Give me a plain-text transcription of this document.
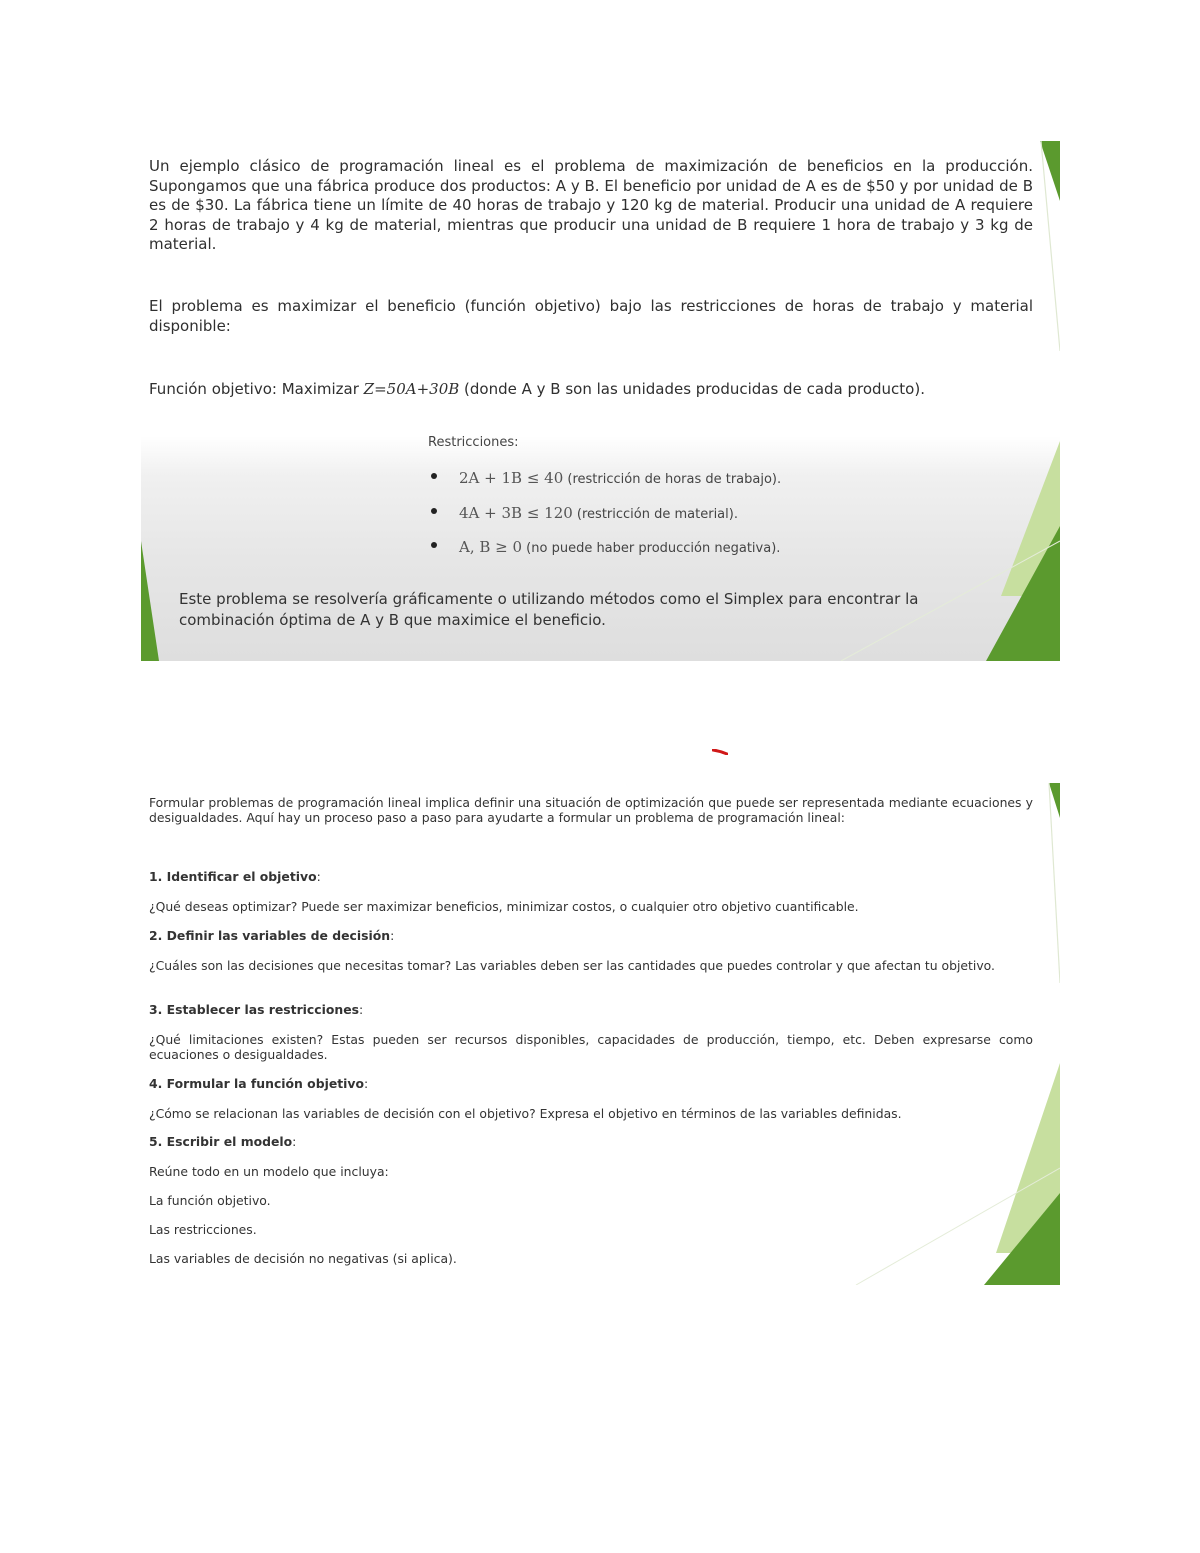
Un ejemplo clásico de programación lineal es el problema de maximización de beneficios en la producción. Supongamos que una fábrica produce dos productos: A y B. El beneficio por unidad de A es de $50 y por unidad de B es de $30. La fábrica tiene un límite de 40 horas de trabajo y 120 kg de material. Producir una unidad de A requiere 2 horas de trabajo y 4 kg de material, mientras que producir una unidad de B requiere 1 hora de trabajo y 3 kg de material.

El problema es maximizar el beneficio (función objetivo) bajo las restricciones de horas de trabajo y material disponible:

Función objetivo: Maximizar Z=50A+30B (donde A y B son las unidades producidas de cada producto).

Restricciones:
2A + 1B ≤ 40 (restricción de horas de trabajo).
4A + 3B ≤ 120 (restricción de material).
A, B ≥ 0 (no puede haber producción negativa).

Este problema se resolvería gráficamente o utilizando métodos como el Simplex para encontrar la combinación óptima de A y B que maximice el beneficio.

Formular problemas de programación lineal implica definir una situación de optimización que puede ser representada mediante ecuaciones y desigualdades. Aquí hay un proceso paso a paso para ayudarte a formular un problema de programación lineal:

1. Identificar el objetivo:

¿Qué deseas optimizar? Puede ser maximizar beneficios, minimizar costos, o cualquier otro objetivo cuantificable.

2. Definir las variables de decisión:

¿Cuáles son las decisiones que necesitas tomar? Las variables deben ser las cantidades que puedes controlar y que afectan tu objetivo.

3. Establecer las restricciones:

¿Qué limitaciones existen? Estas pueden ser recursos disponibles, capacidades de producción, tiempo, etc. Deben expresarse como ecuaciones o desigualdades.

4. Formular la función objetivo:

¿Cómo se relacionan las variables de decisión con el objetivo? Expresa el objetivo en términos de las variables definidas.

5. Escribir el modelo:

Reúne todo en un modelo que incluya:

La función objetivo.

Las restricciones.

Las variables de decisión no negativas (si aplica).
